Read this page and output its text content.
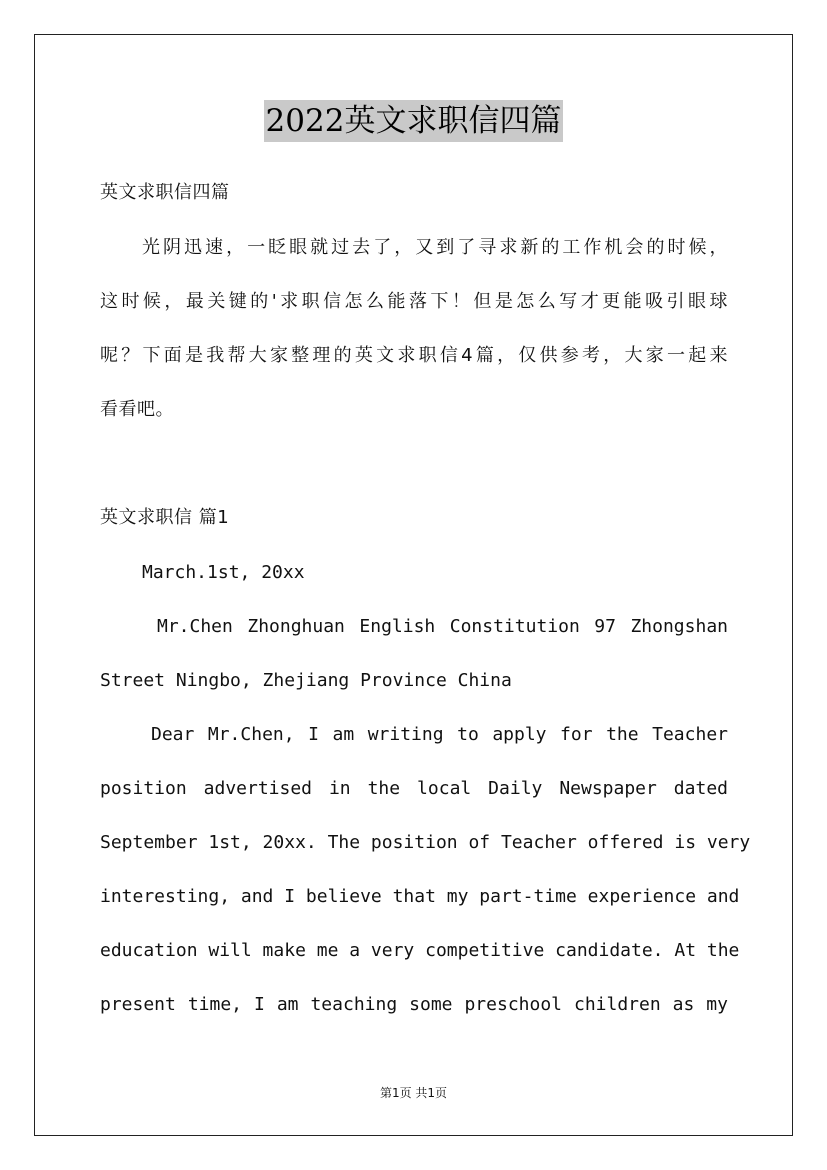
2022英文求职信四篇
英文求职信四篇
光阴迅速，一眨眼就过去了，又到了寻求新的工作机会的时候，
这时候，最关键的'求职信怎么能落下！但是怎么写才更能吸引眼球
呢？下面是我帮大家整理的英文求职信4篇，仅供参考，大家一起来
看看吧。
英文求职信 篇1
March.1st, 20xx
Mr.Chen Zhonghuan English Constitution 97 Zhongshan
Street Ningbo, Zhejiang Province China
Dear Mr.Chen, I am writing to apply for the Teacher
position advertised in the local Daily Newspaper dated
September 1st, 20xx. The position of Teacher offered is very
interesting, and I believe that my part-time experience and
education will make me a very competitive candidate. At the
present time, I am teaching some preschool children as my
第1页 共1页
